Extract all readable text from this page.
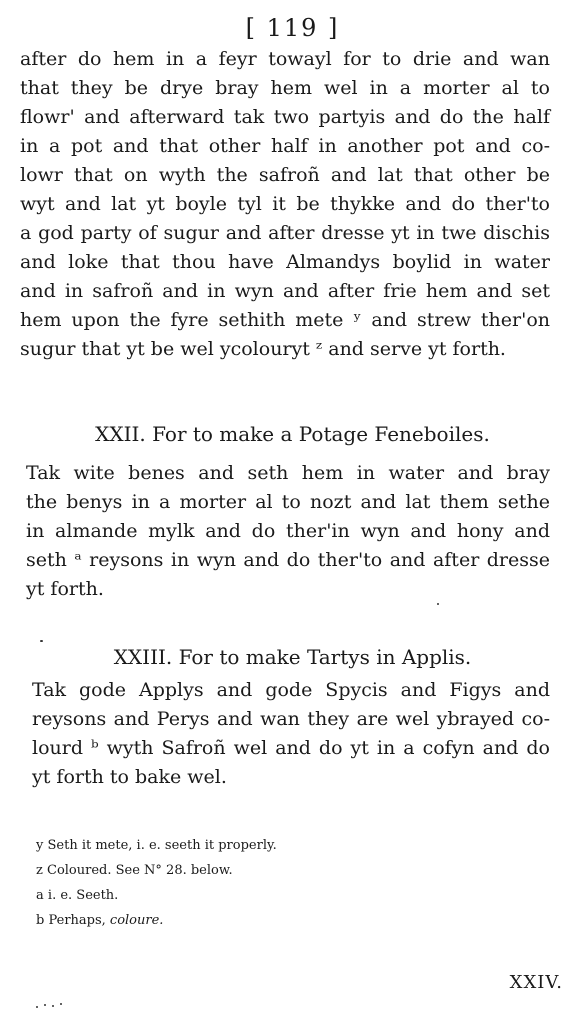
[ 119 ]
after do hem in a feyr towayl for to drie and wan
that they be drye bray hem wel in a morter al to
flowr' and afterward tak two partyis and do the half
in a pot and that other half in another pot and co-
lowr that on wyth the safroñ and lat that other be
wyt and lat yt boyle tyl it be thykke and do ther'to
a god party of sugur and after dresse yt in twe dischis
and loke that thou have Almandys boylid in water
and in safroñ and in wyn and after frie hem and set
hem upon the fyre sethith mete ʸ and strew ther'on
sugur that yt be wel ycolouryt ᶻ and serve yt forth.
XXII. For to make a Potage Feneboiles.
Tak wite benes and seth hem in water and bray
the benys in a morter al to nozt and lat them sethe
in almande mylk and do ther'in wyn and hony and
seth ᵃ reysons in wyn and do ther'to and after dresse
yt forth.
XXIII. For to make Tartys in Applis.
Tak gode Applys and gode Spycis and Figys and
reysons and Perys and wan they are wel ybrayed co-
lourd ᵇ wyth Safroñ wel and do yt in a cofyn and do
yt forth to bake wel.
y Seth it mete, i. e. seeth it properly.
z Coloured. See N° 28. below.
a i. e. Seeth.
b Perhaps, coloure.
XXIV.
